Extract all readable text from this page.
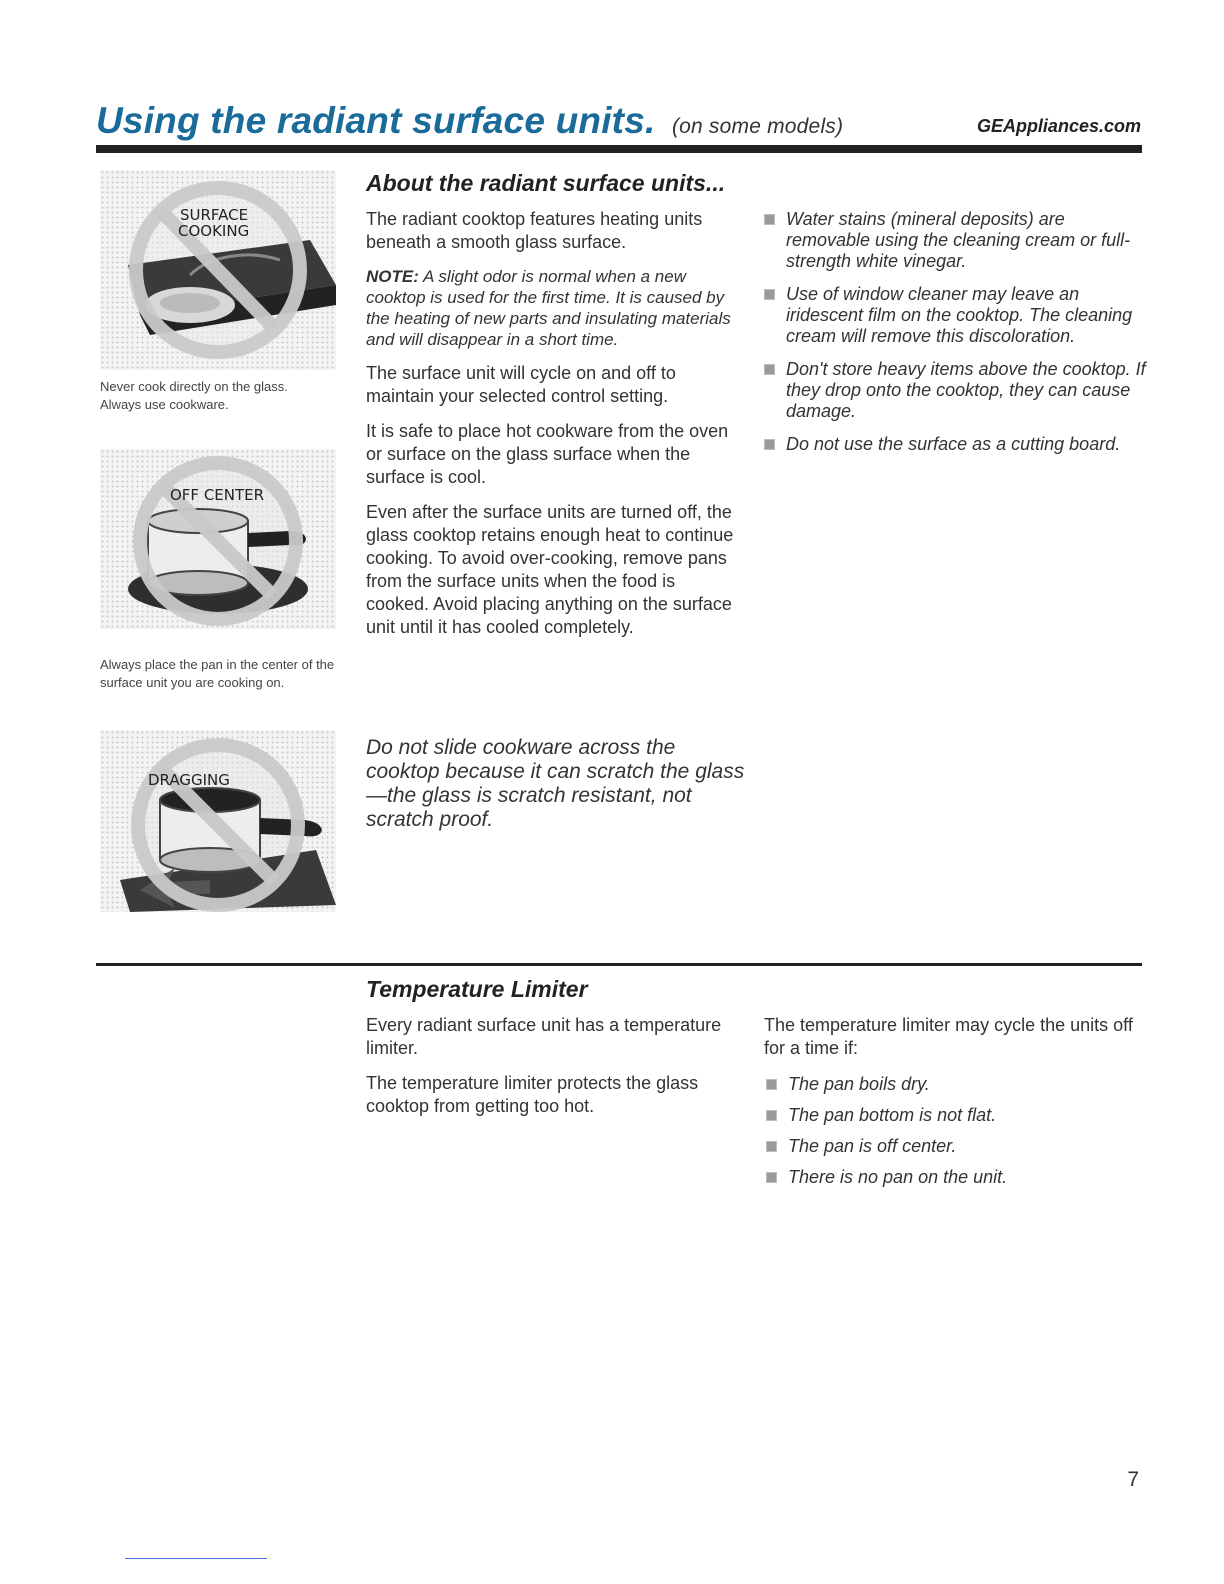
Using the radiant surface units. (on some models)	GEAppliances.com
SURFACE
COOKING
Never cook directly on the glass. Always use cookware.
OFF CENTER
Always place the pan in the center of the surface unit you are cooking on.
DRAGGING
About the radiant surface units...

The radiant cooktop features heating units beneath a smooth glass surface.

NOTE: A slight odor is normal when a new cooktop is used for the first time. It is caused by the heating of new parts and insulating materials and will disappear in a short time.

The surface unit will cycle on and off to maintain your selected control setting.

It is safe to place hot cookware from the oven or surface on the glass surface when the surface is cool.

Even after the surface units are turned off, the glass cooktop retains enough heat to continue cooking. To avoid over-cooking, remove pans from the surface units when the food is cooked. Avoid placing anything on the surface unit until it has cooled completely.

Water stains (mineral deposits) are removable using the cleaning cream or full-strength white vinegar.
Use of window cleaner may leave an iridescent film on the cooktop. The cleaning cream will remove this discoloration.
Don't store heavy items above the cooktop. If they drop onto the cooktop, they can cause damage.
Do not use the surface as a cutting board.
Do not slide cookware across the cooktop because it can scratch the glass—the glass is scratch resistant, not scratch proof.
Temperature Limiter

Every radiant surface unit has a temperature limiter.

The temperature limiter protects the glass cooktop from getting too hot.

The temperature limiter may cycle the units off for a time if:

The pan boils dry.
The pan bottom is not flat.
The pan is off center.
There is no pan on the unit.
7
